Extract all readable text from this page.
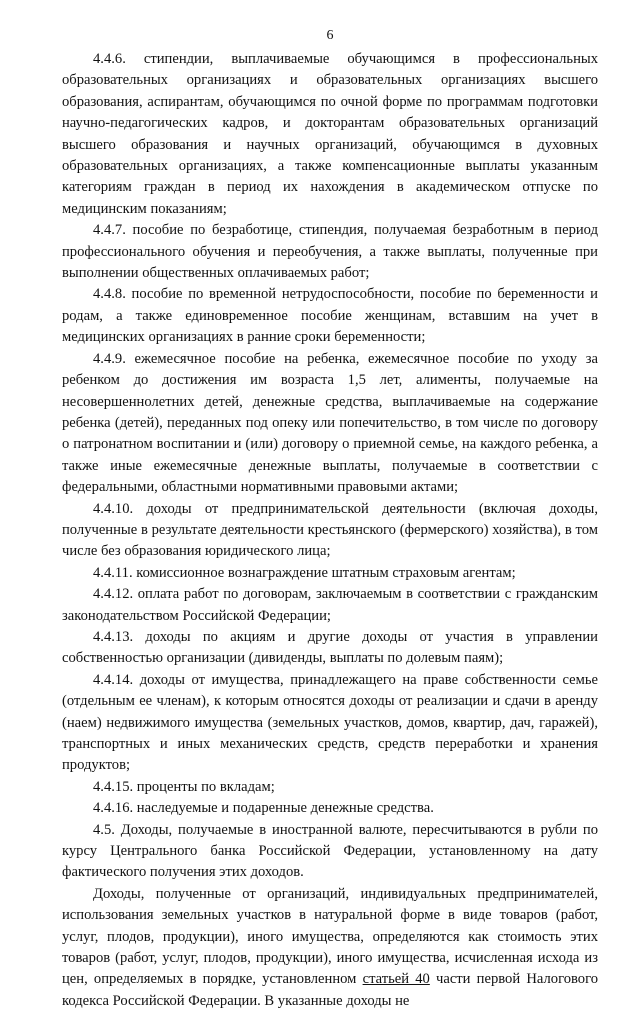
6

4.4.6. стипендии, выплачиваемые обучающимся в профессиональных образовательных организациях и образовательных организациях высшего образования, аспирантам, обучающимся по очной форме по программам подготовки научно-педагогических кадров, и докторантам образовательных организаций высшего образования и научных организаций, обучающимся в духовных образовательных организациях, а также компенсационные выплаты указанным категориям граждан в период их нахождения в академическом отпуске по медицинским показаниям;

4.4.7. пособие по безработице, стипендия, получаемая безработным в период профессионального обучения и переобучения, а также выплаты, полученные при выполнении общественных оплачиваемых работ;

4.4.8. пособие по временной нетрудоспособности, пособие по беременности и родам, а также единовременное пособие женщинам, вставшим на учет в медицинских организациях в ранние сроки беременности;

4.4.9. ежемесячное пособие на ребенка, ежемесячное пособие по уходу за ребенком до достижения им возраста 1,5 лет, алименты, получаемые на несовершеннолетних детей, денежные средства, выплачиваемые на содержание ребенка (детей), переданных под опеку или попечительство, в том числе по договору о патронатном воспитании и (или) договору о приемной семье, на каждого ребенка, а также иные ежемесячные денежные выплаты, получаемые в соответствии с федеральными, областными нормативными правовыми актами;

4.4.10. доходы от предпринимательской деятельности (включая доходы, полученные в результате деятельности крестьянского (фермерского) хозяйства), в том числе без образования юридического лица;

4.4.11. комиссионное вознаграждение штатным страховым агентам;

4.4.12. оплата работ по договорам, заключаемым в соответствии с гражданским законодательством Российской Федерации;

4.4.13. доходы по акциям и другие доходы от участия в управлении собственностью организации (дивиденды, выплаты по долевым паям);

4.4.14. доходы от имущества, принадлежащего на праве собственности семье (отдельным ее членам), к которым относятся доходы от реализации и сдачи в аренду (наем) недвижимого имущества (земельных участков, домов, квартир, дач, гаражей), транспортных и иных механических средств, средств переработки и хранения продуктов;

4.4.15. проценты по вкладам;

4.4.16. наследуемые и подаренные денежные средства.

4.5. Доходы, получаемые в иностранной валюте, пересчитываются в рубли по курсу Центрального банка Российской Федерации, установленному на дату фактического получения этих доходов.

Доходы, полученные от организаций, индивидуальных предпринимателей, использования земельных участков в натуральной форме в виде товаров (работ, услуг, плодов, продукции), иного имущества, определяются как стоимость этих товаров (работ, услуг, плодов, продукции), иного имущества, исчисленная исхода из цен, определяемых в порядке, установленном статьей 40 части первой Налогового кодекса Российской Федерации. В указанные доходы не
